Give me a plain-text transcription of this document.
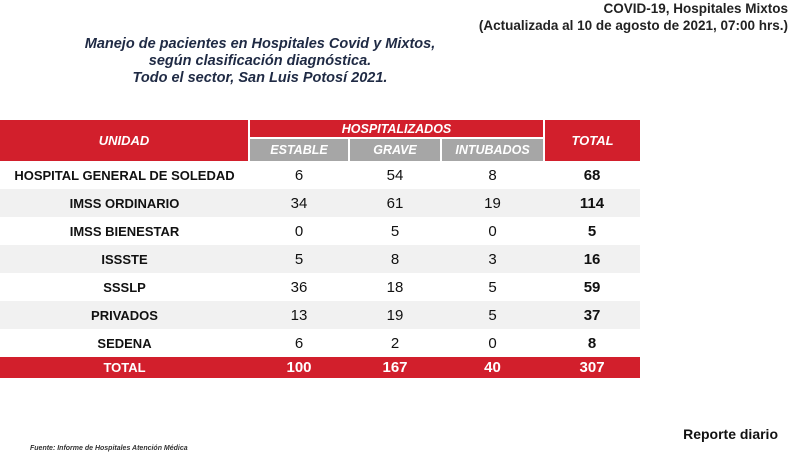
COVID-19, Hospitales Mixtos
(Actualizada al 10 de agosto de 2021, 07:00 hrs.)
Manejo de pacientes en Hospitales Covid y Mixtos,
según clasificación diagnóstica.
Todo el sector, San Luis Potosí 2021.
UNIDAD	HOSPITALIZADOS			TOTAL
	ESTABLE	GRAVE	INTUBADOS	
HOSPITAL GENERAL DE SOLEDAD	6	54	8	68
IMSS ORDINARIO	34	61	19	114
IMSS BIENESTAR	0	5	0	5
ISSSTE	5	8	3	16
SSSLP	36	18	5	59
PRIVADOS	13	19	5	37
SEDENA	6	2	0	8
TOTAL	100	167	40	307
Reporte diario
Fuente: Informe de Hospitales Atención Médica
